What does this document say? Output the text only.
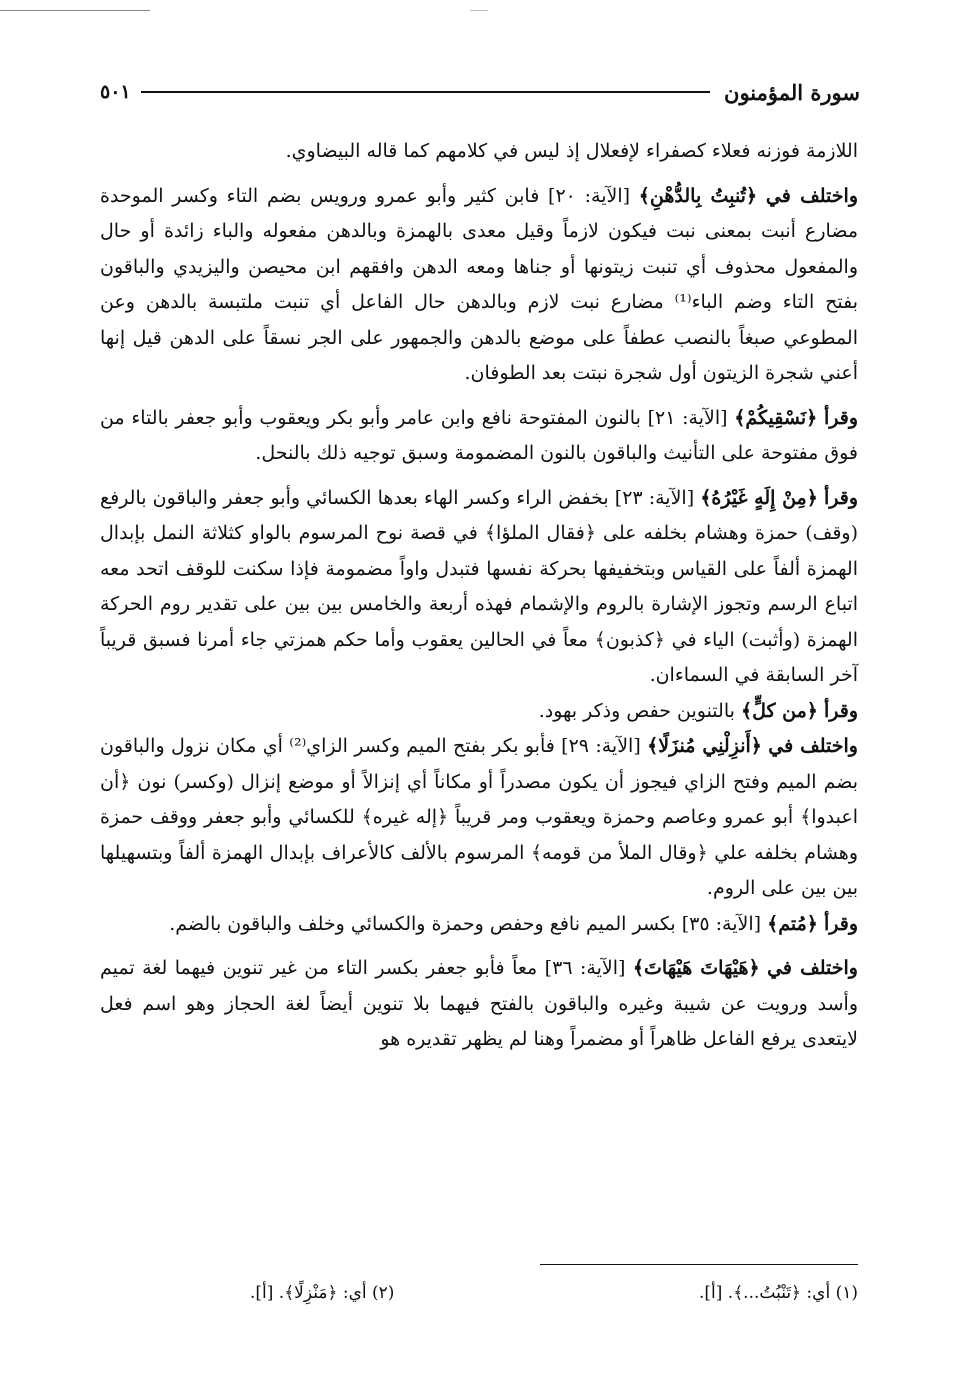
سورة المؤمنون
٥٠١

اللازمة فوزنه فعلاء كصفراء لإفعلال إذ ليس في كلامهم كما قاله البيضاوي.

واختلف في ﴿تُنبِتُ بِالدُّهْنِ﴾ [الآية: ٢٠] فابن كثير وأبو عمرو ورويس بضم التاء وكسر الموحدة مضارع أنبت بمعنى نبت فيكون لازماً وقيل معدى بالهمزة وبالدهن مفعوله والباء زائدة أو حال والمفعول محذوف أي تنبت زيتونها أو جناها ومعه الدهن وافقهم ابن محيصن واليزيدي والباقون بفتح التاء وضم الباء⁽¹⁾ مضارع نبت لازم وبالدهن حال الفاعل أي تنبت ملتبسة بالدهن وعن المطوعي صبغاً بالنصب عطفاً على موضع بالدهن والجمهور على الجر نسقاً على الدهن قيل إنها أعني شجرة الزيتون أول شجرة نبتت بعد الطوفان.

وقرأ ﴿نَسْقِيكُمْ﴾ [الآية: ٢١] بالنون المفتوحة نافع وابن عامر وأبو بكر ويعقوب وأبو جعفر بالتاء من فوق مفتوحة على التأنيث والباقون بالنون المضمومة وسبق توجيه ذلك بالنحل.

وقرأ ﴿مِنْ إِلَهٍ غَيْرُهُ﴾ [الآية: ٢٣] بخفض الراء وكسر الهاء بعدها الكسائي وأبو جعفر والباقون بالرفع (وقف) حمزة وهشام بخلفه على ﴿فقال الملؤا﴾ في قصة نوح المرسوم بالواو كثلاثة النمل بإبدال الهمزة ألفاً على القياس وبتخفيفها بحركة نفسها فتبدل واواً مضمومة فإذا سكنت للوقف اتحد معه اتباع الرسم وتجوز الإشارة بالروم والإشمام فهذه أربعة والخامس بين بين على تقدير روم الحركة الهمزة (وأثبت) الياء في ﴿كذبون﴾ معاً في الحالين يعقوب وأما حكم همزتي جاء أمرنا فسبق قريباً آخر السابقة في السماءان.

وقرأ ﴿من كلٍّ﴾ بالتنوين حفص وذكر بهود.

واختلف في ﴿أَنزِلْنِي مُنزَلًا﴾ [الآية: ٢٩] فأبو بكر بفتح الميم وكسر الزاي⁽²⁾ أي مكان نزول والباقون بضم الميم وفتح الزاي فيجوز أن يكون مصدراً أو مكاناً أي إنزالاً أو موضع إنزال (وكسر) نون ﴿أن اعبدوا﴾ أبو عمرو وعاصم وحمزة ويعقوب ومر قريباً ﴿إله غيره﴾ للكسائي وأبو جعفر ووقف حمزة وهشام بخلفه علي ﴿وقال الملأ من قومه﴾ المرسوم بالألف كالأعراف بإبدال الهمزة ألفاً وبتسهيلها بين بين على الروم.

وقرأ ﴿مُتم﴾ [الآية: ٣٥] بكسر الميم نافع وحفص وحمزة والكسائي وخلف والباقون بالضم.

واختلف في ﴿هَيْهَاتَ هَيْهَاتَ﴾ [الآية: ٣٦] معاً فأبو جعفر بكسر التاء من غير تنوين فيهما لغة تميم وأسد ورويت عن شيبة وغيره والباقون بالفتح فيهما بلا تنوين أيضاً لغة الحجاز وهو اسم فعل لايتعدى يرفع الفاعل ظاهراً أو مضمراً وهنا لم يظهر تقديره هو

(١) أي: ﴿تَنْبُتُ...﴾. [أ].
(٢) أي: ﴿مَنْزِلًا﴾. [أ].
